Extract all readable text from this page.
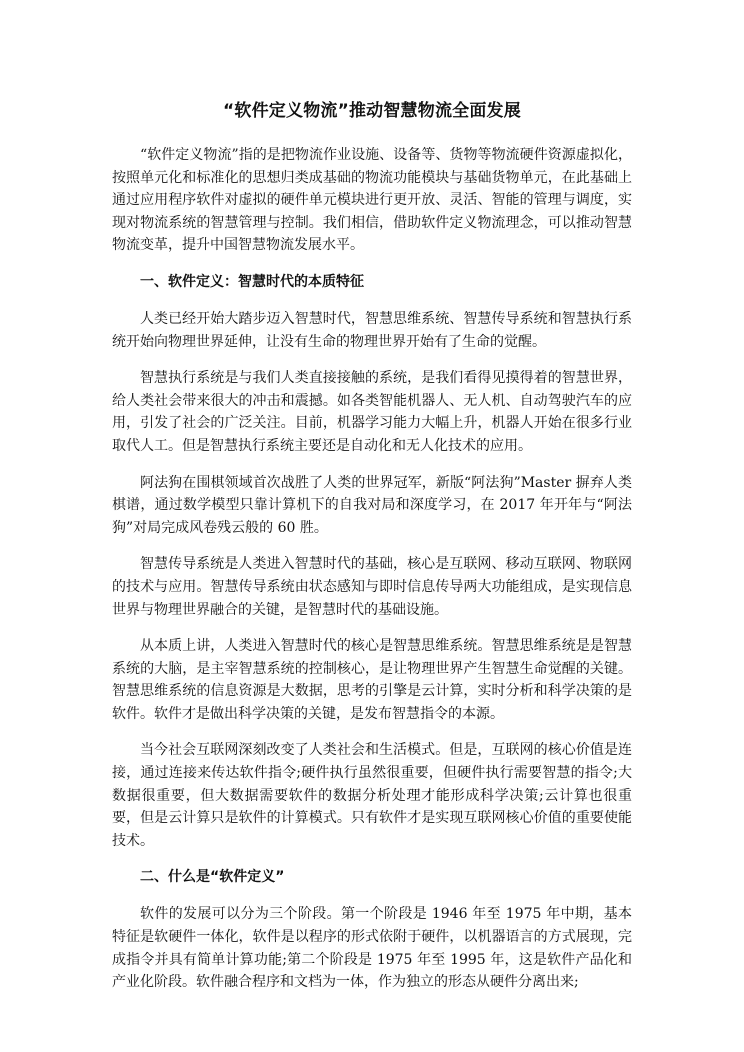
“软件定义物流”推动智慧物流全面发展

“软件定义物流”指的是把物流作业设施、设备等、货物等物流硬件资源虚拟化，按照单元化和标准化的思想归类成基础的物流功能模块与基础货物单元，在此基础上通过应用程序软件对虚拟的硬件单元模块进行更开放、灵活、智能的管理与调度，实现对物流系统的智慧管理与控制。我们相信，借助软件定义物流理念，可以推动智慧物流变革，提升中国智慧物流发展水平。

一、软件定义：智慧时代的本质特征

人类已经开始大踏步迈入智慧时代，智慧思维系统、智慧传导系统和智慧执行系统开始向物理世界延伸，让没有生命的物理世界开始有了生命的觉醒。

智慧执行系统是与我们人类直接接触的系统，是我们看得见摸得着的智慧世界，给人类社会带来很大的冲击和震撼。如各类智能机器人、无人机、自动驾驶汽车的应用，引发了社会的广泛关注。目前，机器学习能力大幅上升，机器人开始在很多行业取代人工。但是智慧执行系统主要还是自动化和无人化技术的应用。

阿法狗在围棋领域首次战胜了人类的世界冠军，新版“阿法狗”Master 摒弃人类棋谱，通过数学模型只靠计算机下的自我对局和深度学习，在 2017 年开年与“阿法狗”对局完成风卷残云般的 60 胜。

智慧传导系统是人类进入智慧时代的基础，核心是互联网、移动互联网、物联网的技术与应用。智慧传导系统由状态感知与即时信息传导两大功能组成，是实现信息世界与物理世界融合的关键，是智慧时代的基础设施。

从本质上讲，人类进入智慧时代的核心是智慧思维系统。智慧思维系统是是智慧系统的大脑，是主宰智慧系统的控制核心，是让物理世界产生智慧生命觉醒的关键。智慧思维系统的信息资源是大数据，思考的引擎是云计算，实时分析和科学决策的是软件。软件才是做出科学决策的关键，是发布智慧指令的本源。

当今社会互联网深刻改变了人类社会和生活模式。但是，互联网的核心价值是连接，通过连接来传达软件指令;硬件执行虽然很重要，但硬件执行需要智慧的指令;大数据很重要，但大数据需要软件的数据分析处理才能形成科学决策;云计算也很重要，但是云计算只是软件的计算模式。只有软件才是实现互联网核心价值的重要使能技术。

二、什么是“软件定义”

软件的发展可以分为三个阶段。第一个阶段是 1946 年至 1975 年中期，基本特征是软硬件一体化，软件是以程序的形式依附于硬件，以机器语言的方式展现，完成指令并具有简单计算功能;第二个阶段是 1975 年至 1995 年，这是软件产品化和产业化阶段。软件融合程序和文档为一体，作为独立的形态从硬件分离出来;
